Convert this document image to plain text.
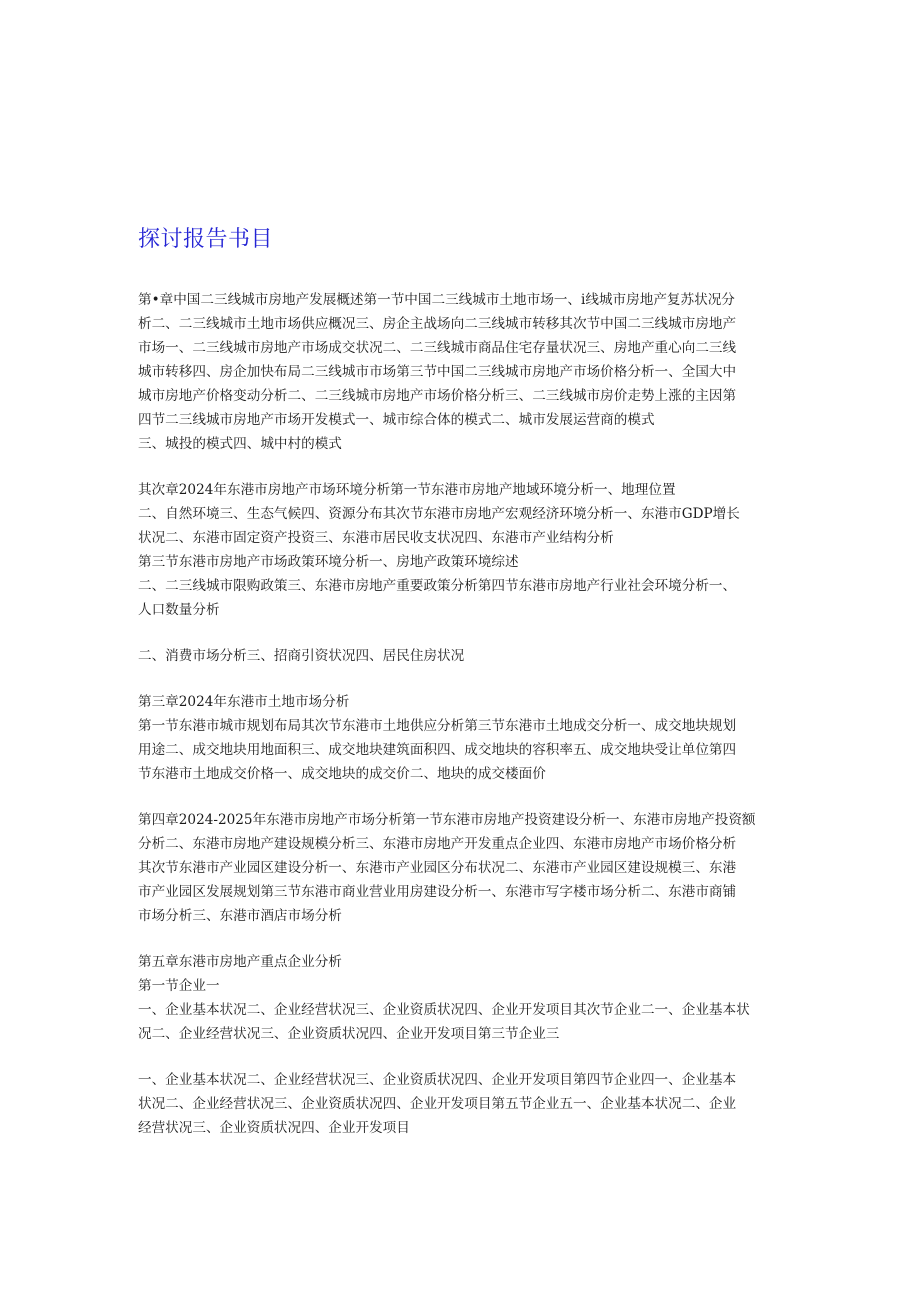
探讨报告书目
第•章中国二三线城市房地产发展概述第一节中国二三线城市土地市场一、i线城市房地产复苏状况分
析二、二三线城市土地市场供应概况三、房企主战场向二三线城市转移其次节中国二三线城市房地产
市场一、二三线城市房地产市场成交状况二、二三线城市商品住宅存量状况三、房地产重心向二三线
城市转移四、房企加快布局二三线城市市场第三节中国二三线城市房地产市场价格分析一、全国大中
城市房地产价格变动分析二、二三线城市房地产市场价格分析三、二三线城市房价走势上涨的主因第
四节二三线城市房地产市场开发模式一、城市综合体的模式二、城市发展运营商的模式
三、城投的模式四、城中村的模式
其次章2024年东港市房地产市场环境分析第一节东港市房地产地域环境分析一、地理位置
二、自然环境三、生态气候四、资源分布其次节东港市房地产宏观经济环境分析一、东港市GDP增长
状况二、东港市固定资产投资三、东港市居民收支状况四、东港市产业结构分析
第三节东港市房地产市场政策环境分析一、房地产政策环境综述
二、二三线城市限购政策三、东港市房地产重要政策分析第四节东港市房地产行业社会环境分析一、
人口数量分析
二、消费市场分析三、招商引资状况四、居民住房状况
第三章2024年东港市土地市场分析
第一节东港市城市规划布局其次节东港市土地供应分析第三节东港市土地成交分析一、成交地块规划
用途二、成交地块用地面积三、成交地块建筑面积四、成交地块的容积率五、成交地块受让单位第四
节东港市土地成交价格一、成交地块的成交价二、地块的成交楼面价
第四章2024-2025年东港市房地产市场分析第一节东港市房地产投资建设分析一、东港市房地产投资额
分析二、东港市房地产建设规模分析三、东港市房地产开发重点企业四、东港市房地产市场价格分析
其次节东港市产业园区建设分析一、东港市产业园区分布状况二、东港市产业园区建设规模三、东港
市产业园区发展规划第三节东港市商业营业用房建设分析一、东港市写字楼市场分析二、东港市商铺
市场分析三、东港市酒店市场分析
第五章东港市房地产重点企业分析
第一节企业一
一、企业基本状况二、企业经营状况三、企业资质状况四、企业开发项目其次节企业二一、企业基本状
况二、企业经营状况三、企业资质状况四、企业开发项目第三节企业三
一、企业基本状况二、企业经营状况三、企业资质状况四、企业开发项目第四节企业四一、企业基本
状况二、企业经营状况三、企业资质状况四、企业开发项目第五节企业五一、企业基本状况二、企业
经营状况三、企业资质状况四、企业开发项目
